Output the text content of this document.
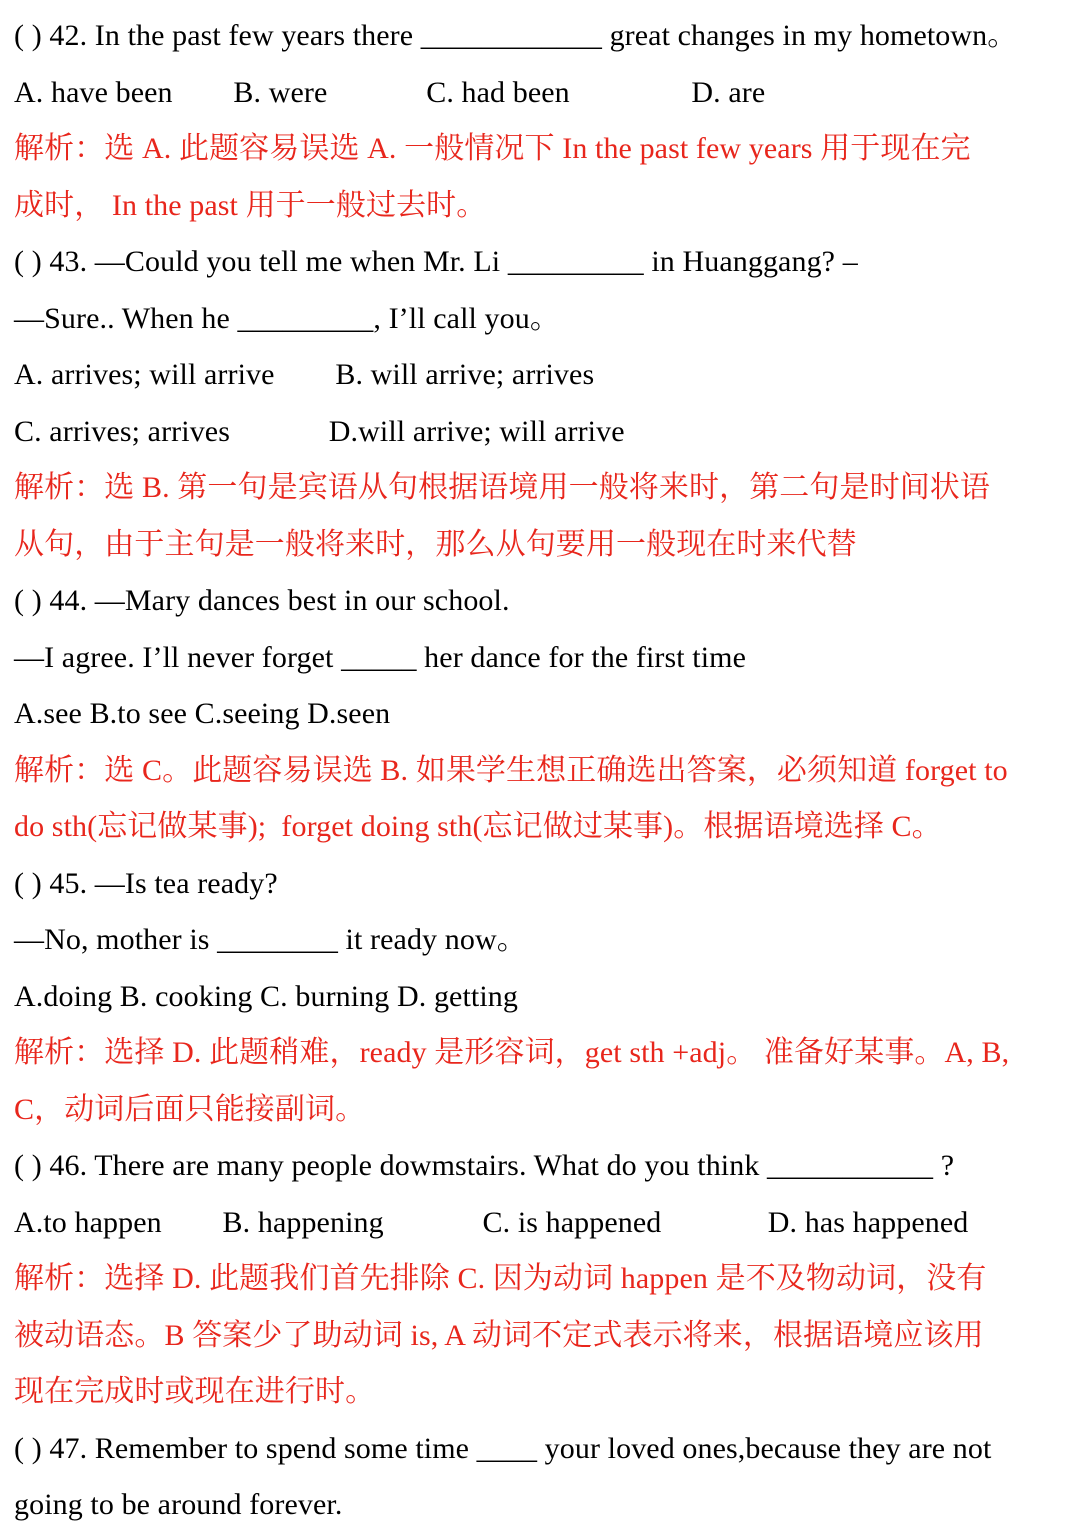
( ) 42. In the past few years there ____________ great changes in my hometown。
A. have been        B. were             C. had been                D. are
解析：选 A. 此题容易误选 A. 一般情况下 In the past few years 用于现在完
成时， In the past 用于一般过去时。
( ) 43. —Could you tell me when Mr. Li _________ in Huanggang? –
—Sure.. When he _________, I’ll call you。
A. arrives; will arrive        B. will arrive; arrives
C. arrives; arrives             D.will arrive; will arrive
解析：选 B. 第一句是宾语从句根据语境用一般将来时，第二句是时间状语
从句，由于主句是一般将来时，那么从句要用一般现在时来代替
( ) 44. —Mary dances best in our school.
—I agree. I’ll never forget _____ her dance for the first time
A.see B.to see C.seeing D.seen
解析：选 C。此题容易误选 B. 如果学生想正确选出答案，必须知道 forget to
do sth(忘记做某事);  forget doing sth(忘记做过某事)。根据语境选择 C。
( ) 45. —Is tea ready?
—No, mother is ________ it ready now。
A.doing B. cooking C. burning D. getting
解析：选择 D. 此题稍难，ready 是形容词，get sth +adj。 准备好某事。A, B,
C，动词后面只能接副词。
( ) 46. There are many people dowmstairs. What do you think ___________ ?
A.to happen        B. happening             C. is happened              D. has happened
解析：选择 D. 此题我们首先排除 C. 因为动词 happen 是不及物动词，没有
被动语态。B 答案少了助动词 is, A 动词不定式表示将来，根据语境应该用
现在完成时或现在进行时。
( ) 47. Remember to spend some time ____ your loved ones,because they are not
going to be around forever.
